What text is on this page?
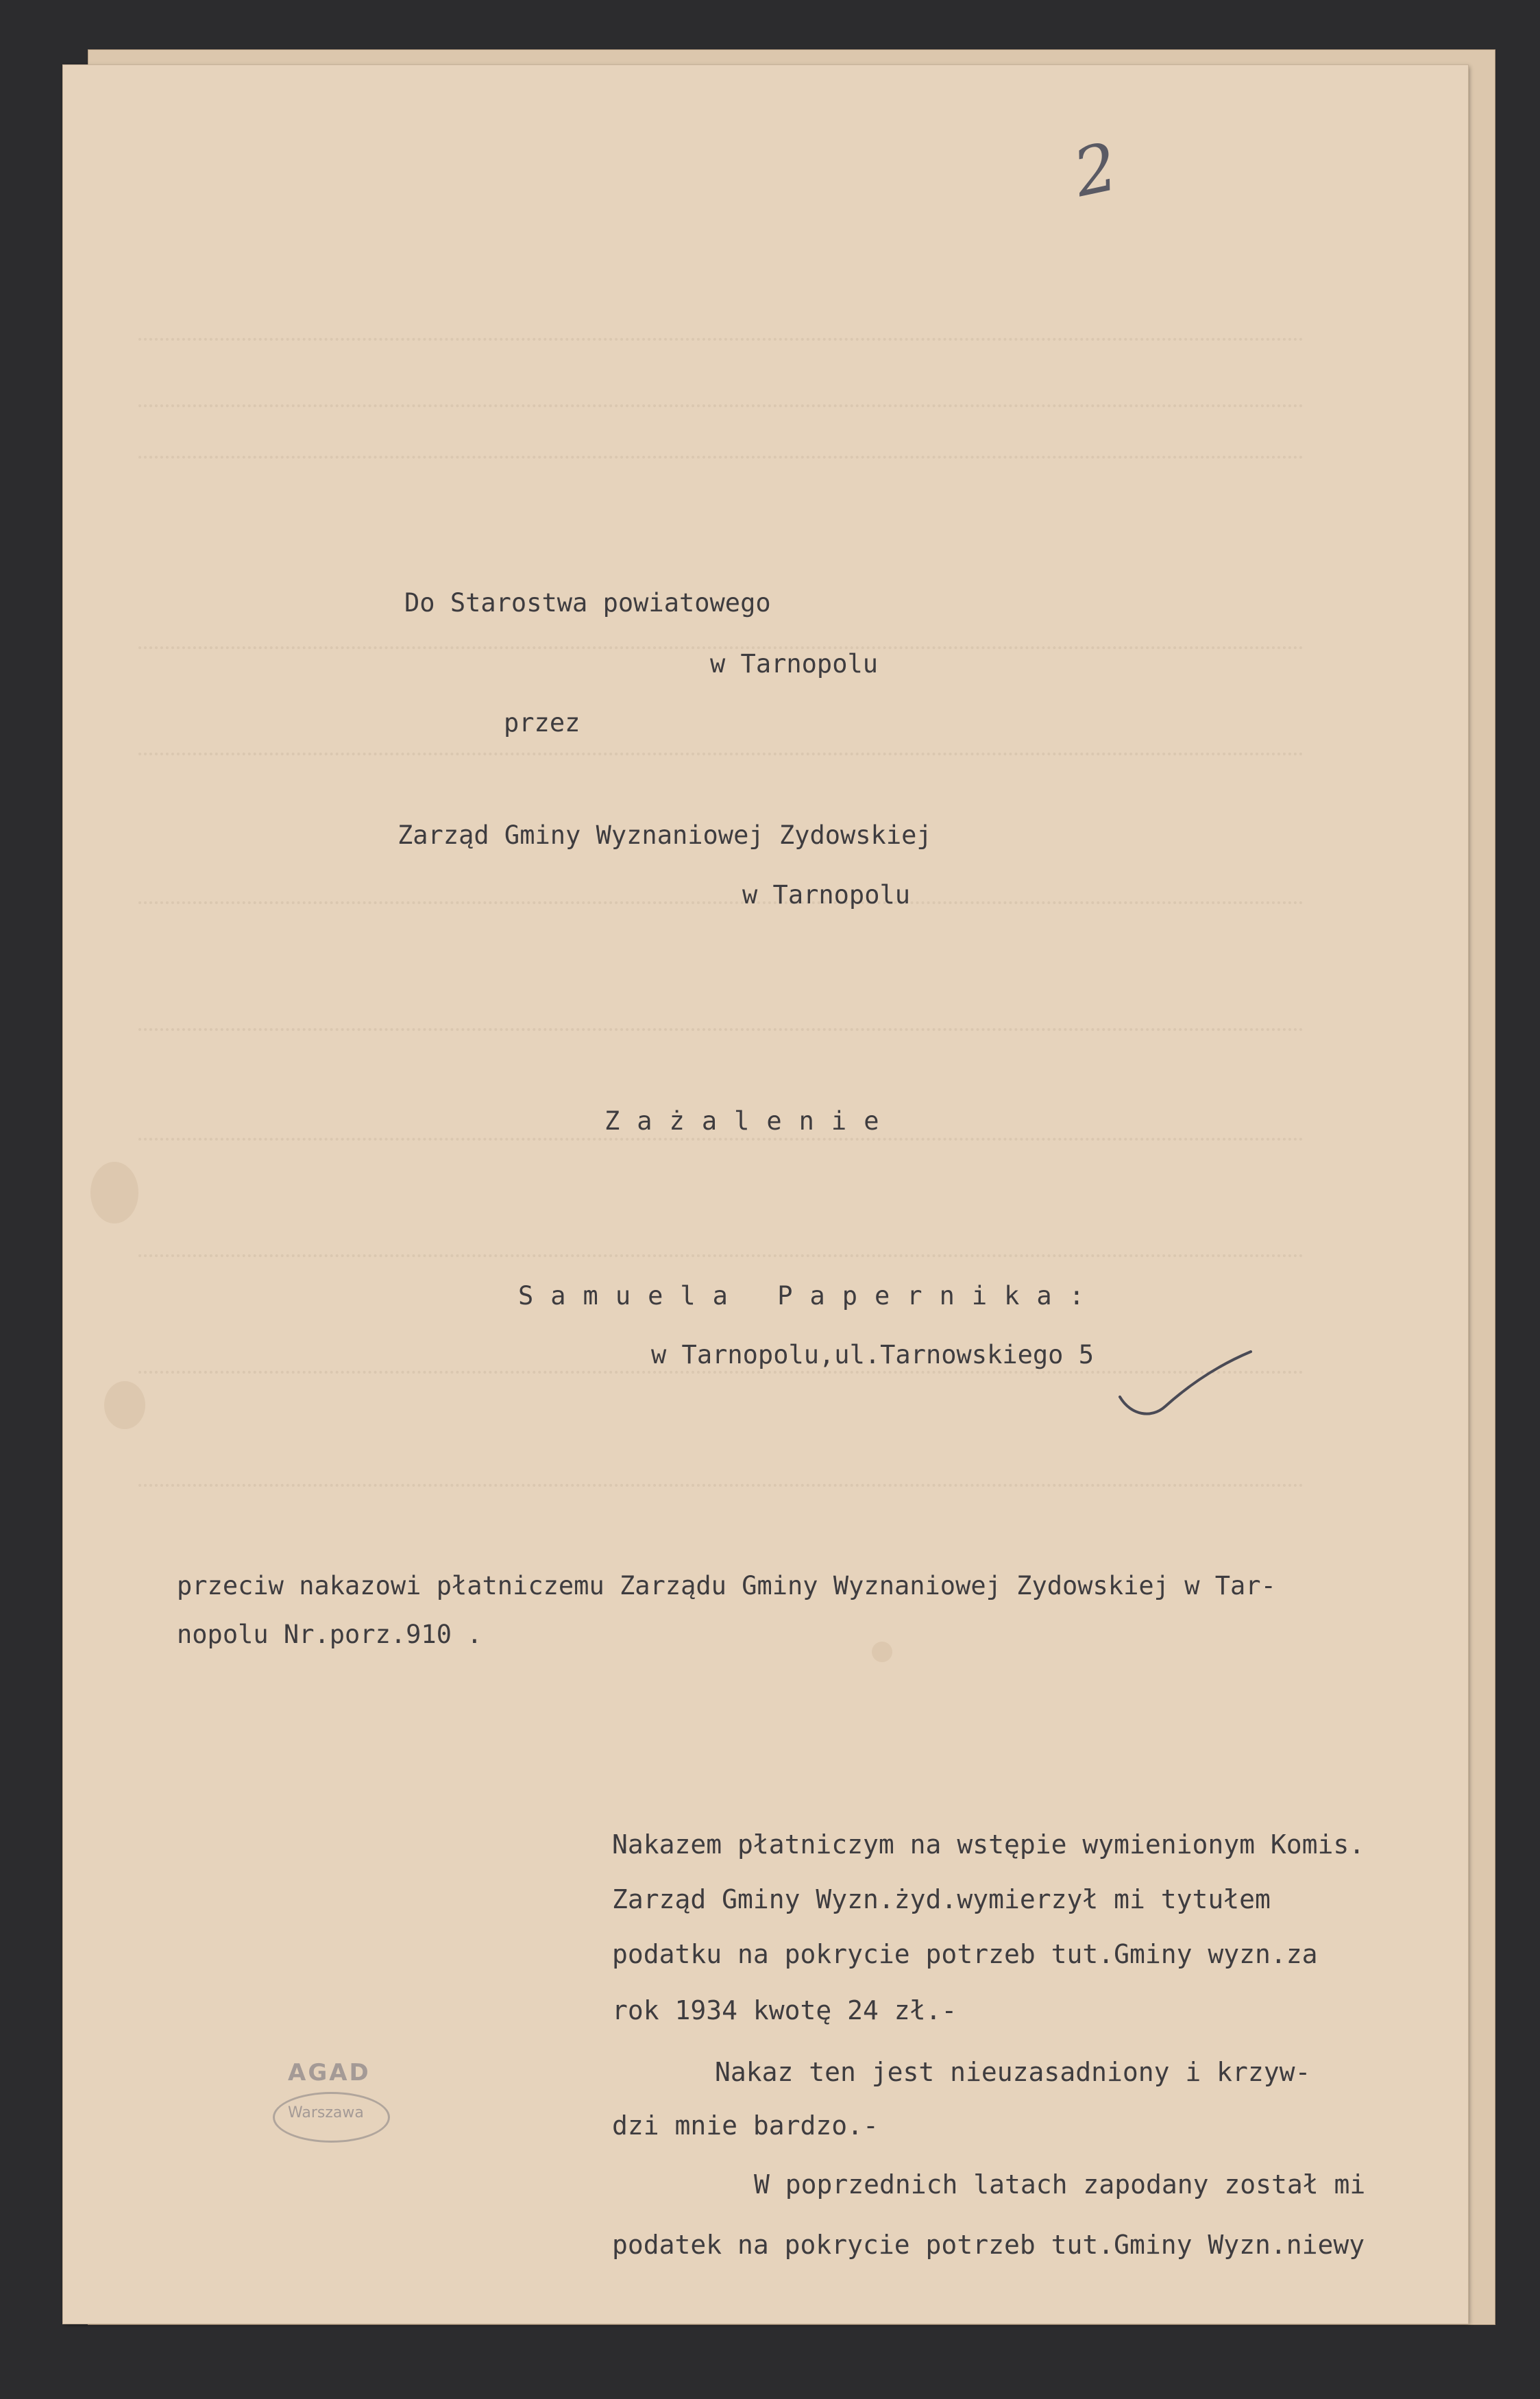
2

Do Starostwa powiatowego

w Tarnopolu

przez

Zarząd Gminy Wyznaniowej Zydowskiej

w Tarnopolu

Zażalenie

Samuela Papernika:

w Tarnopolu,ul.Tarnowskiego 5

przeciw nakazowi płatniczemu Zarządu Gminy Wyznaniowej Zydowskiej w Tar-

nopolu Nr.porz.910 .

Nakazem płatniczym na wstępie wymienionym Komis.

Zarząd Gminy Wyzn.żyd.wymierzył mi tytułem

podatku na pokrycie potrzeb tut.Gminy wyzn.za

rok 1934 kwotę 24 zł.-

Nakaz ten jest nieuzasadniony i krzyw-

dzi mnie bardzo.-

W poprzednich latach zapodany został mi

podatek na pokrycie potrzeb tut.Gminy Wyzn.niewy

AGAD
Warszawa
